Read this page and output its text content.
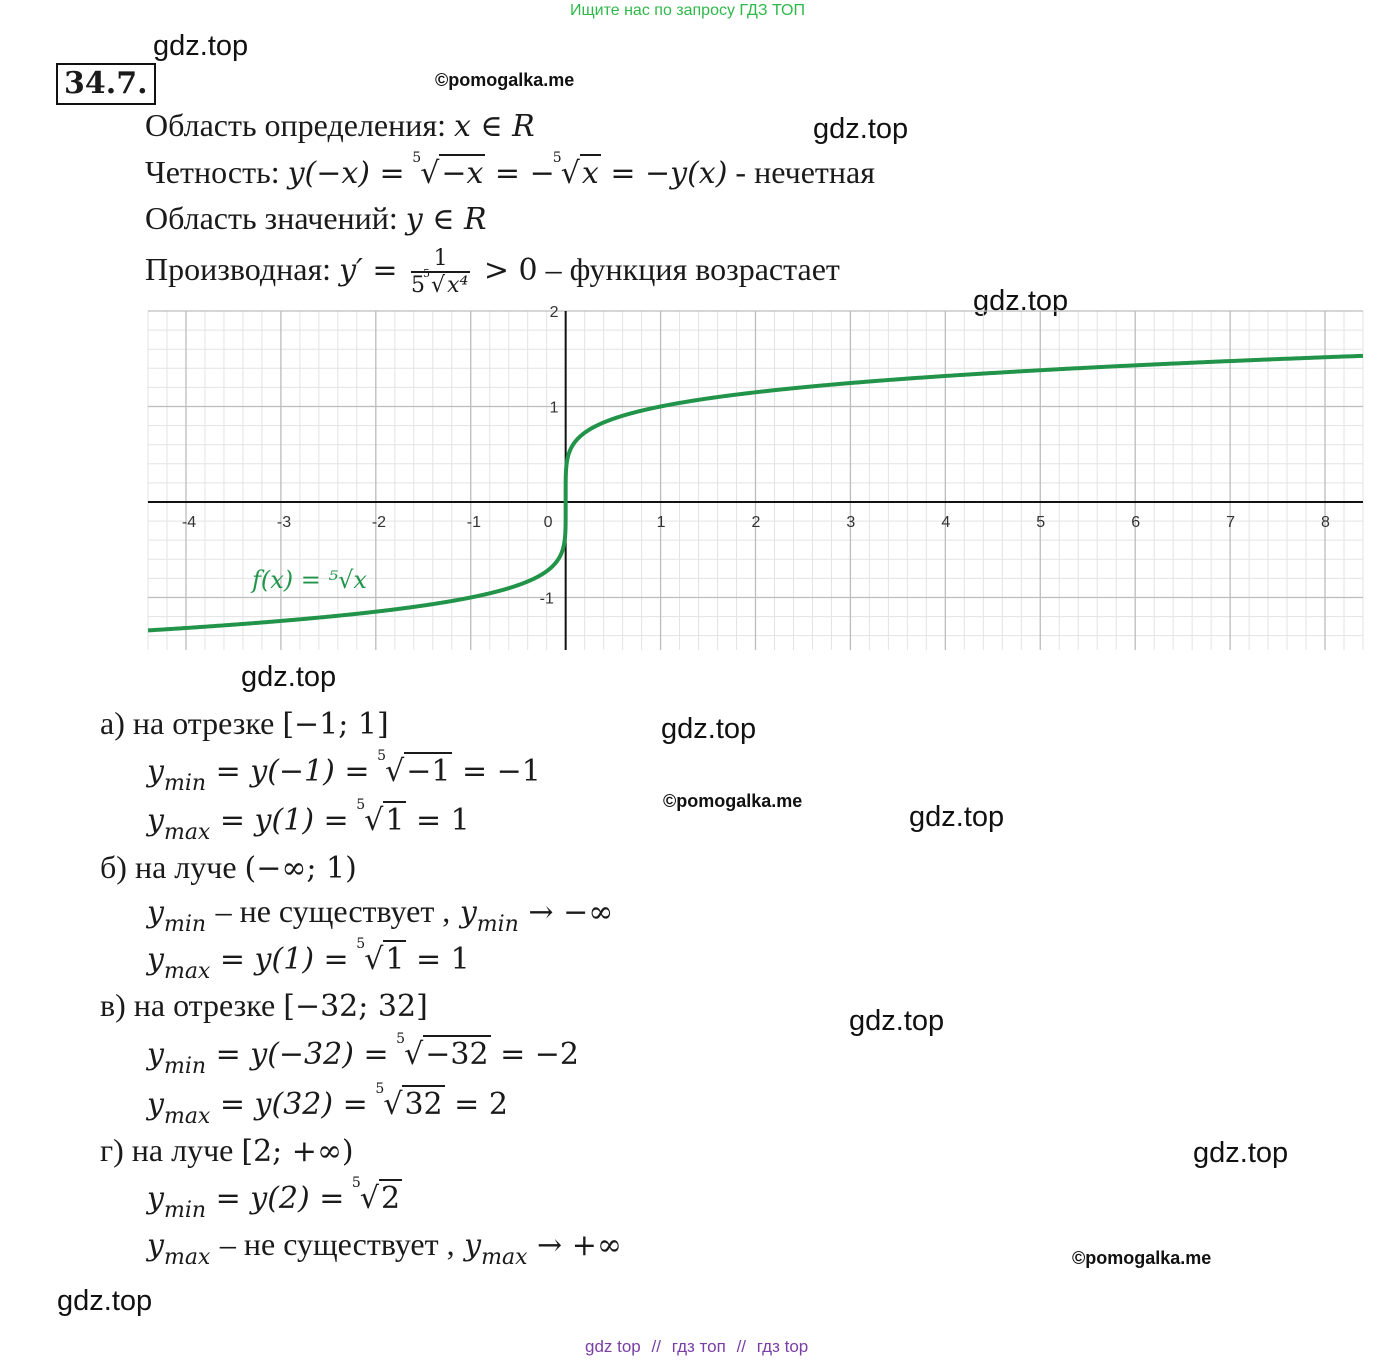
Ищите нас по запросу ГДЗ ТОП
gdz.top
gdz.top
gdz.top
gdz.top
gdz.top
gdz.top
gdz.top
gdz.top
gdz.top
©pomogalka.me
©pomogalka.me
©pomogalka.me
34.7.
Область определения: x ∈ R
Четность: y(−x) =
5 √−x = −
5 √x = −y(x) - нечетная
Область значений: y ∈ R
Производная: y′ = 1
5
5 √x⁴ > 0 – функция возрастает
-4	-3	-2	-1	0	1	2	3	4	5	6	7	8
2
1
-1
f(x) = ⁵√x
а) на отрезке [−1; 1]
$y_{min} = y(-1)$ =
5 √−1 = −1
$y_{max} = y(1)$ =
5 √1 = 1
б) на луче (−∞; 1)
$y_{min}$ – не существует , $y_{min}$ → −∞
$y_{max} = y(1)$ =
5 √1 = 1
в) на отрезке [−32; 32]
$y_{min} = y(-32)$ =
5 √−32 = −2
$y_{max} = y(32)$ =
5 √32 = 2
г) на луче [2; +∞)
$y_{min} = y(2)$ =
5 √2
$y_{max}$ – не существует , $y_{max}$ → +∞
gdz top // гдз топ // гдз top
